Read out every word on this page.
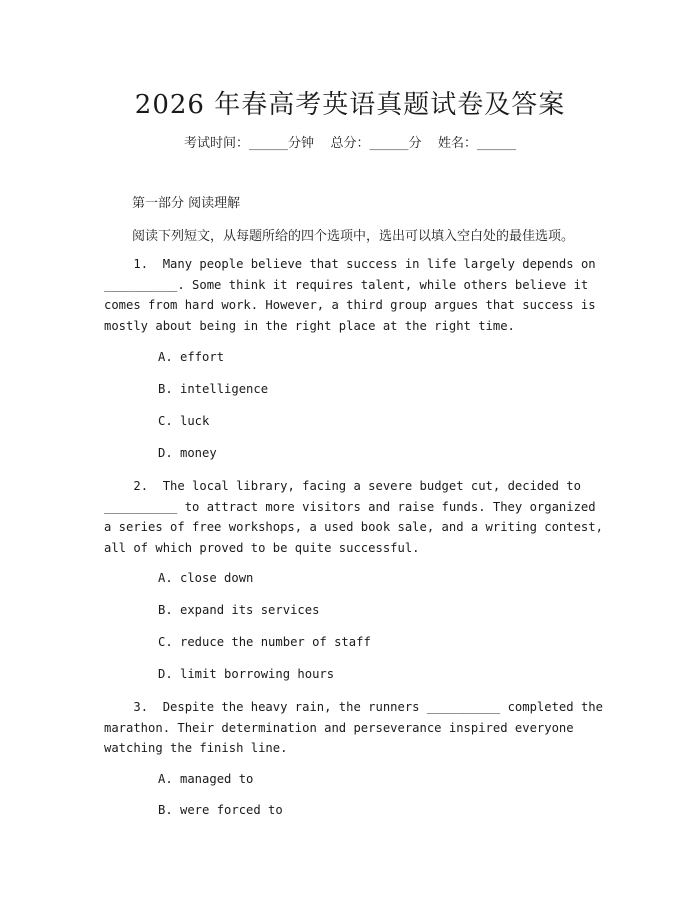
2026 年春高考英语真题试卷及答案
考试时间：______分钟    总分：______分    姓名：______
第一部分 阅读理解
阅读下列短文，从每题所给的四个选项中，选出可以填入空白处的最佳选项。
1.  Many people believe that success in life largely depends on __________. Some think it requires talent, while others believe it comes from hard work. However, a third group argues that success is mostly about being in the right place at the right time.
A. effort
B. intelligence
C. luck
D. money
2.  The local library, facing a severe budget cut, decided to __________ to attract more visitors and raise funds. They organized a series of free workshops, a used book sale, and a writing contest, all of which proved to be quite successful.
A. close down
B. expand its services
C. reduce the number of staff
D. limit borrowing hours
3.  Despite the heavy rain, the runners __________ completed the marathon. Their determination and perseverance inspired everyone watching the finish line.
A. managed to
B. were forced to
